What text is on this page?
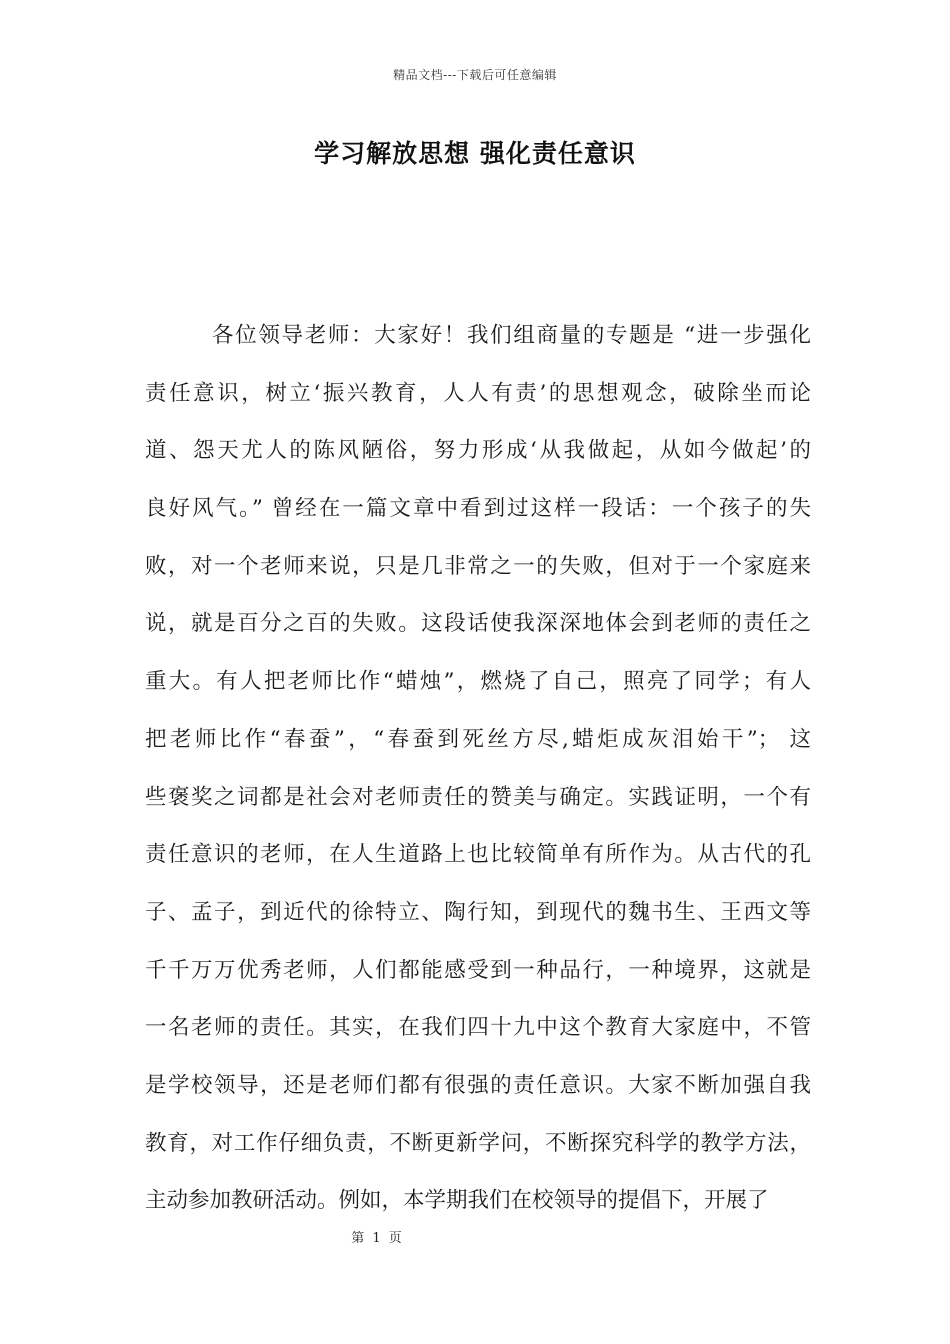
精品文档---下载后可任意编辑
学习解放思想 强化责任意识
各位领导老师：大家好！我们组商量的专题是 “进一步强化
责任意识，树立‘振兴教育，人人有责’的思想观念，破除坐而论
道、怨天尤人的陈风陋俗，努力形成‘从我做起，从如今做起’的
良好风气。” 曾经在一篇文章中看到过这样一段话：一个孩子的失
败，对一个老师来说，只是几非常之一的失败，但对于一个家庭来
说，就是百分之百的失败。这段话使我深深地体会到老师的责任之
重大。有人把老师比作“蜡烛”，燃烧了自己，照亮了同学；有人
把老师比作“春蚕”，“春蚕到死丝方尽,蜡炬成灰泪始干”； 这
些褒奖之词都是社会对老师责任的赞美与确定。实践证明，一个有
责任意识的老师，在人生道路上也比较简单有所作为。从古代的孔
子、孟子，到近代的徐特立、陶行知，到现代的魏书生、王西文等
千千万万优秀老师，人们都能感受到一种品行，一种境界，这就是
一名老师的责任。其实，在我们四十九中这个教育大家庭中，不管
是学校领导，还是老师们都有很强的责任意识。大家不断加强自我
教育，对工作仔细负责，不断更新学问，不断探究科学的教学方法，
主动参加教研活动。例如，本学期我们在校领导的提倡下，开展了
第 1 页
